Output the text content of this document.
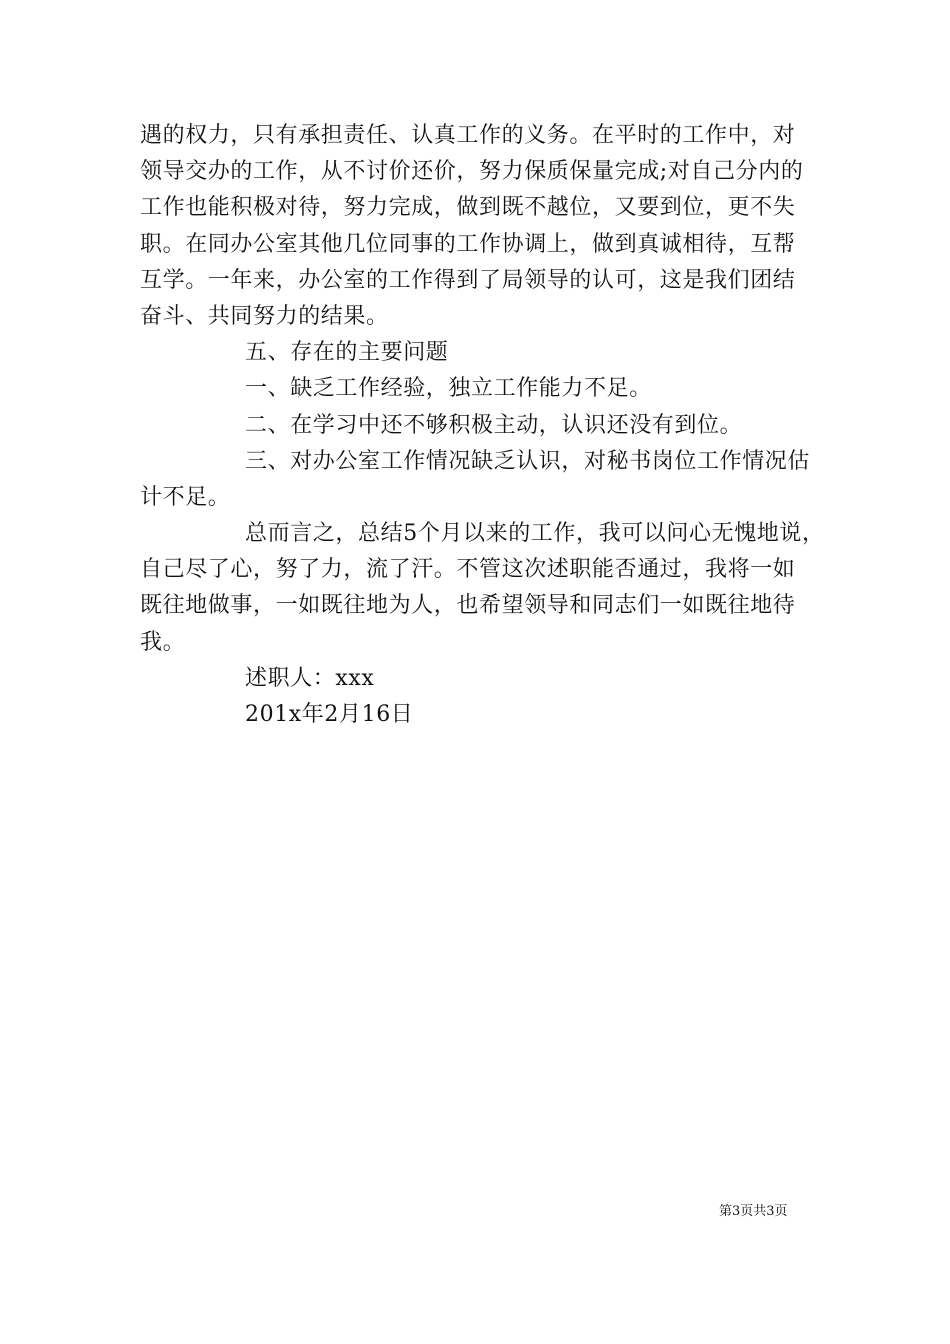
遇的权力，只有承担责任、认真工作的义务。在平时的工作中，对
领导交办的工作，从不讨价还价，努力保质保量完成;对自己分内的
工作也能积极对待，努力完成，做到既不越位，又要到位，更不失
职。在同办公室其他几位同事的工作协调上，做到真诚相待，互帮
互学。一年来，办公室的工作得到了局领导的认可，这是我们团结
奋斗、共同努力的结果。
五、存在的主要问题
一、缺乏工作经验，独立工作能力不足。
二、在学习中还不够积极主动，认识还没有到位。
三、对办公室工作情况缺乏认识，对秘书岗位工作情况估
计不足。
总而言之，总结5个月以来的工作，我可以问心无愧地说，
自己尽了心，努了力，流了汗。不管这次述职能否通过，我将一如
既往地做事，一如既往地为人，也希望领导和同志们一如既往地待
我。
述职人：xxx
201x年2月16日
第3页共3页
